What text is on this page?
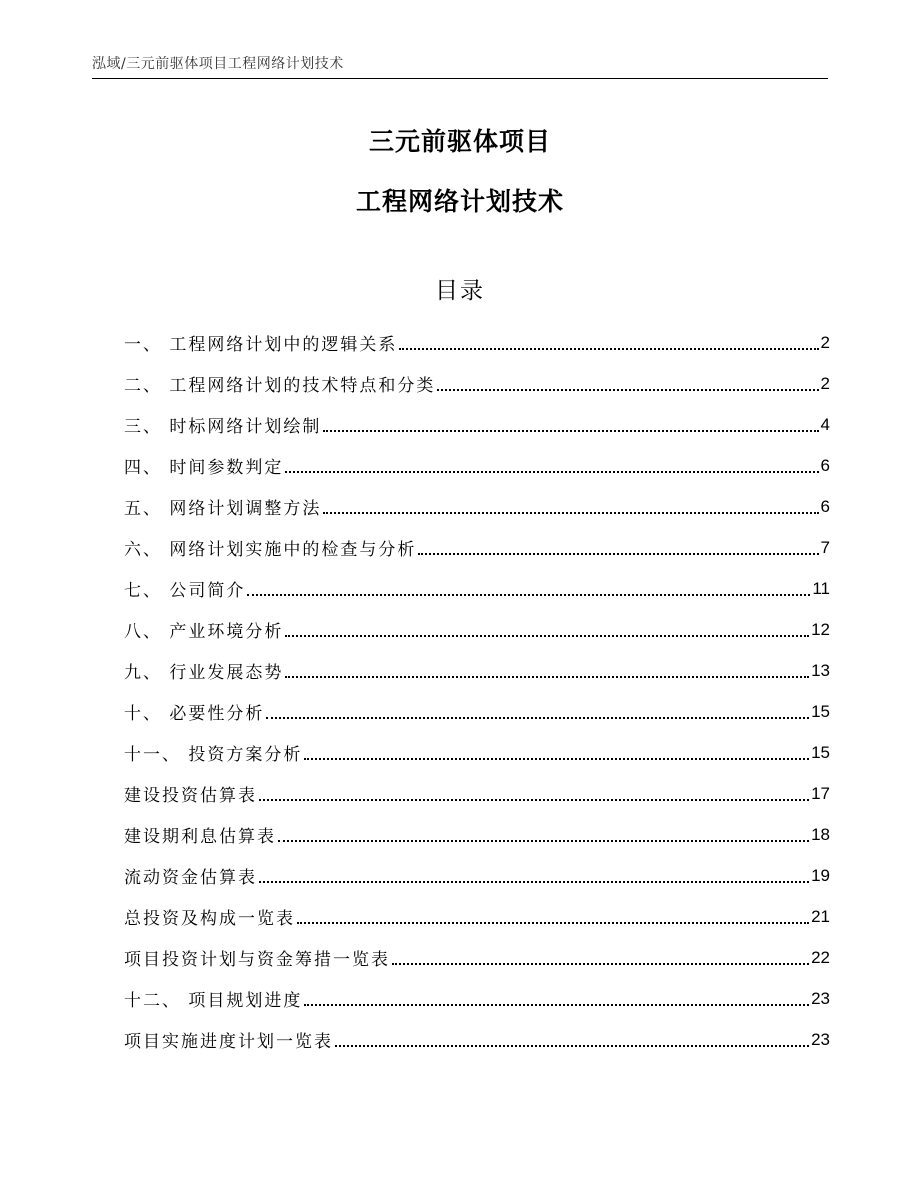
泓域/三元前驱体项目工程网络计划技术
三元前驱体项目
工程网络计划技术
目录
一、 工程网络计划中的逻辑关系	2
二、 工程网络计划的技术特点和分类	2
三、 时标网络计划绘制	4
四、 时间参数判定	6
五、 网络计划调整方法	6
六、 网络计划实施中的检查与分析	7
七、 公司简介	11
八、 产业环境分析	12
九、 行业发展态势	13
十、 必要性分析	15
十一、 投资方案分析	15
建设投资估算表	17
建设期利息估算表	18
流动资金估算表	19
总投资及构成一览表	21
项目投资计划与资金筹措一览表	22
十二、 项目规划进度	23
项目实施进度计划一览表	23
